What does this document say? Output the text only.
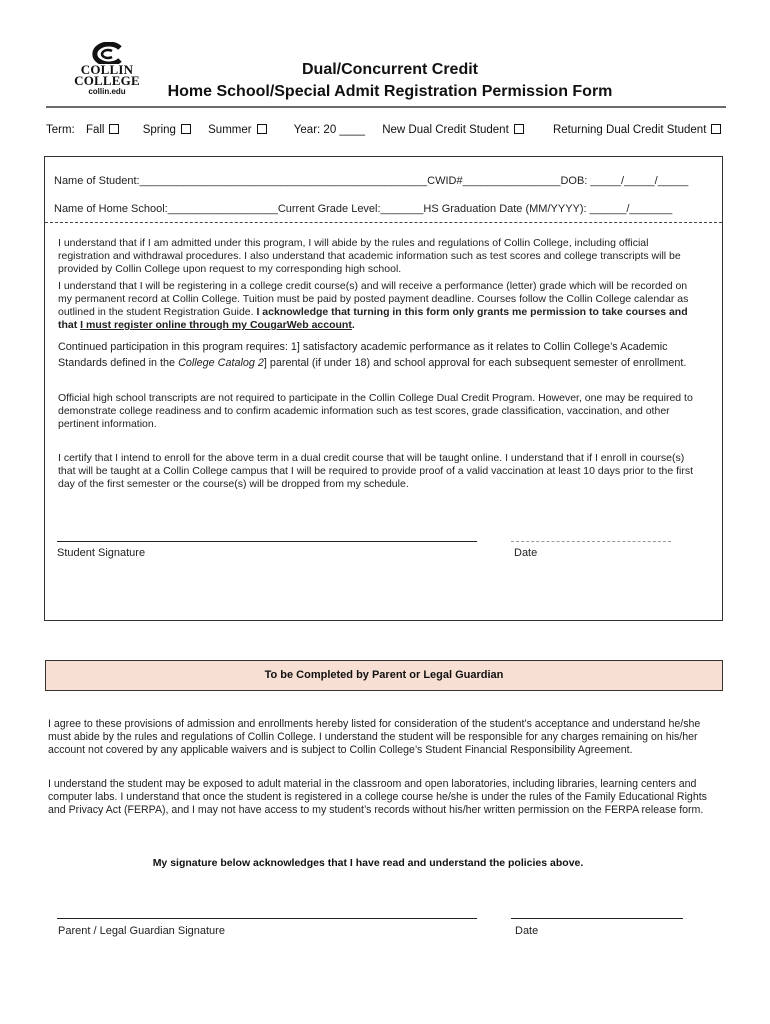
COLLIN
COLLEGE
collin.edu
Dual/Concurrent Credit
Home School/Special Admit Registration Permission Form
Term: Fall	Spring	Summer	Year: 20 ____ New Dual Credit Student	Returning Dual Credit Student
Name of Student:_______________________________________________CWID#________________DOB: _____/_____/_____
Name of Home School:__________________Current Grade Level:_______HS Graduation Date (MM/YYYY): ______/_______
I understand that if I am admitted under this program, I will abide by the rules and regulations of Collin College, including official registration and withdrawal procedures. I also understand that academic information such as test scores and college transcripts will be provided by Collin College upon request to my corresponding high school.
I understand that I will be registering in a college credit course(s) and will receive a performance (letter) grade which will be recorded on my permanent record at Collin College. Tuition must be paid by posted payment deadline. Courses follow the Collin College calendar as outlined in the student Registration Guide. I acknowledge that turning in this form only grants me permission to take courses and that I must register online through my CougarWeb account.
Continued participation in this program requires: 1] satisfactory academic performance as it relates to Collin College’s Academic Standards defined in the College Catalog 2] parental (if under 18) and school approval for each subsequent semester of enrollment.
Official high school transcripts are not required to participate in the Collin College Dual Credit Program. However, one may be required to demonstrate college readiness and to confirm academic information such as test scores, grade classification, vaccination, and other pertinent information.
I certify that I intend to enroll for the above term in a dual credit course that will be taught online. I understand that if I enroll in course(s) that will be taught at a Collin College campus that I will be required to provide proof of a valid vaccination at least 10 days prior to the first day of the first semester or the course(s) will be dropped from my schedule.
Student Signature	Date
To be Completed by Parent or Legal Guardian
I agree to these provisions of admission and enrollments hereby listed for consideration of the student’s acceptance and understand he/she must abide by the rules and regulations of Collin College. I understand the student will be responsible for any charges remaining on his/her account not covered by any applicable waivers and is subject to Collin College’s Student Financial Responsibility Agreement.
I understand the student may be exposed to adult material in the classroom and open laboratories, including libraries, learning centers and computer labs. I understand that once the student is registered in a college course he/she is under the rules of the Family Educational Rights and Privacy Act (FERPA), and I may not have access to my student’s records without his/her written permission on the FERPA release form.
My signature below acknowledges that I have read and understand the policies above.
Parent / Legal Guardian Signature	Date
